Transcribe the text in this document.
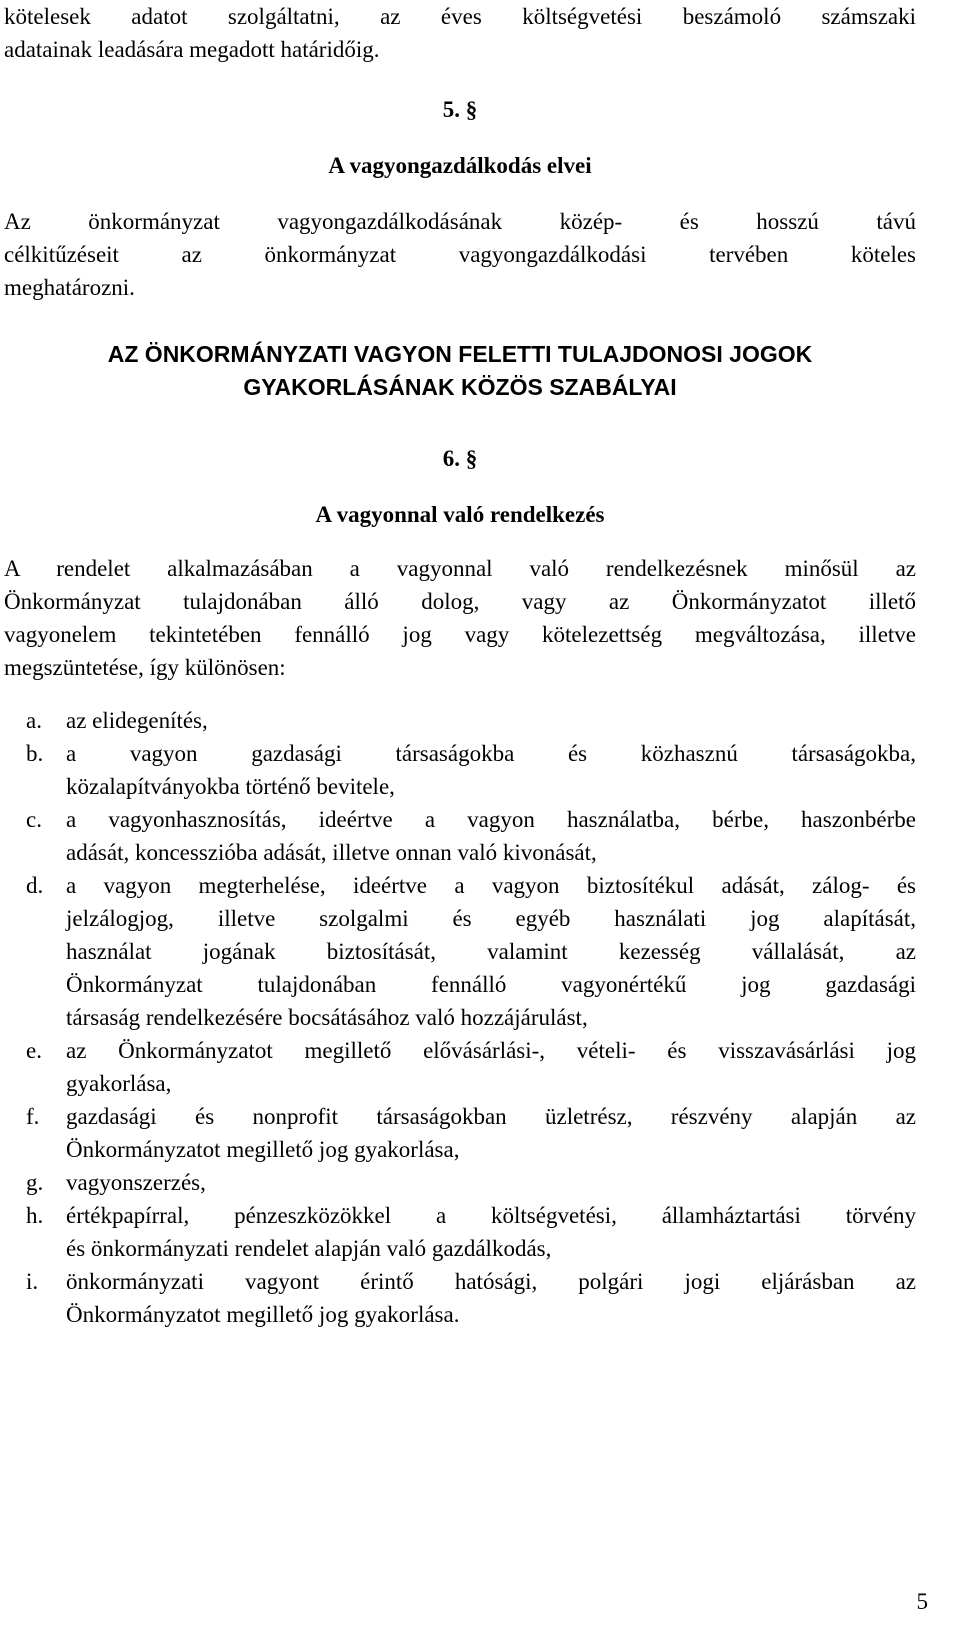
kötelesek adatot szolgáltatni, az éves költségvetési beszámoló számszaki
adatainak leadására megadott határidőig.
5. §
A vagyongazdálkodás elvei
Az önkormányzat vagyongazdálkodásának közép- és hosszú távú
célkitűzéseit az önkormányzat vagyongazdálkodási tervében köteles
meghatározni.
AZ ÖNKORMÁNYZATI VAGYON FELETTI TULAJDONOSI JOGOK
GYAKORLÁSÁNAK KÖZÖS SZABÁLYAI
6. §
A vagyonnal való rendelkezés
A rendelet alkalmazásában a vagyonnal való rendelkezésnek minősül az
Önkormányzat tulajdonában álló dolog, vagy az Önkormányzatot illető
vagyonelem tekintetében fennálló jog vagy kötelezettség megváltozása, illetve
megszüntetése, így különösen:
a. az elidegenítés,
b. a vagyon gazdasági társaságokba és közhasznú társaságokba,
közalapítványokba történő bevitele,
c. a vagyonhasznosítás, ideértve a vagyon használatba, bérbe, haszonbérbe
adását, koncesszióba adását, illetve onnan való kivonását,
d. a vagyon megterhelése, ideértve a vagyon biztosítékul adását, zálog- és
jelzálogjog, illetve szolgalmi és egyéb használati jog alapítását,
használat jogának biztosítását, valamint kezesség vállalását, az
Önkormányzat tulajdonában fennálló vagyonértékű jog gazdasági
társaság rendelkezésére bocsátásához való hozzájárulást,
e. az Önkormányzatot megillető elővásárlási-, vételi- és visszavásárlási jog
gyakorlása,
f. gazdasági és nonprofit társaságokban üzletrész, részvény alapján az
Önkormányzatot megillető jog gyakorlása,
g. vagyonszerzés,
h. értékpapírral, pénzeszközökkel a költségvetési, államháztartási törvény
és önkormányzati rendelet alapján való gazdálkodás,
i. önkormányzati vagyont érintő hatósági, polgári jogi eljárásban az
Önkormányzatot megillető jog gyakorlása.
5
